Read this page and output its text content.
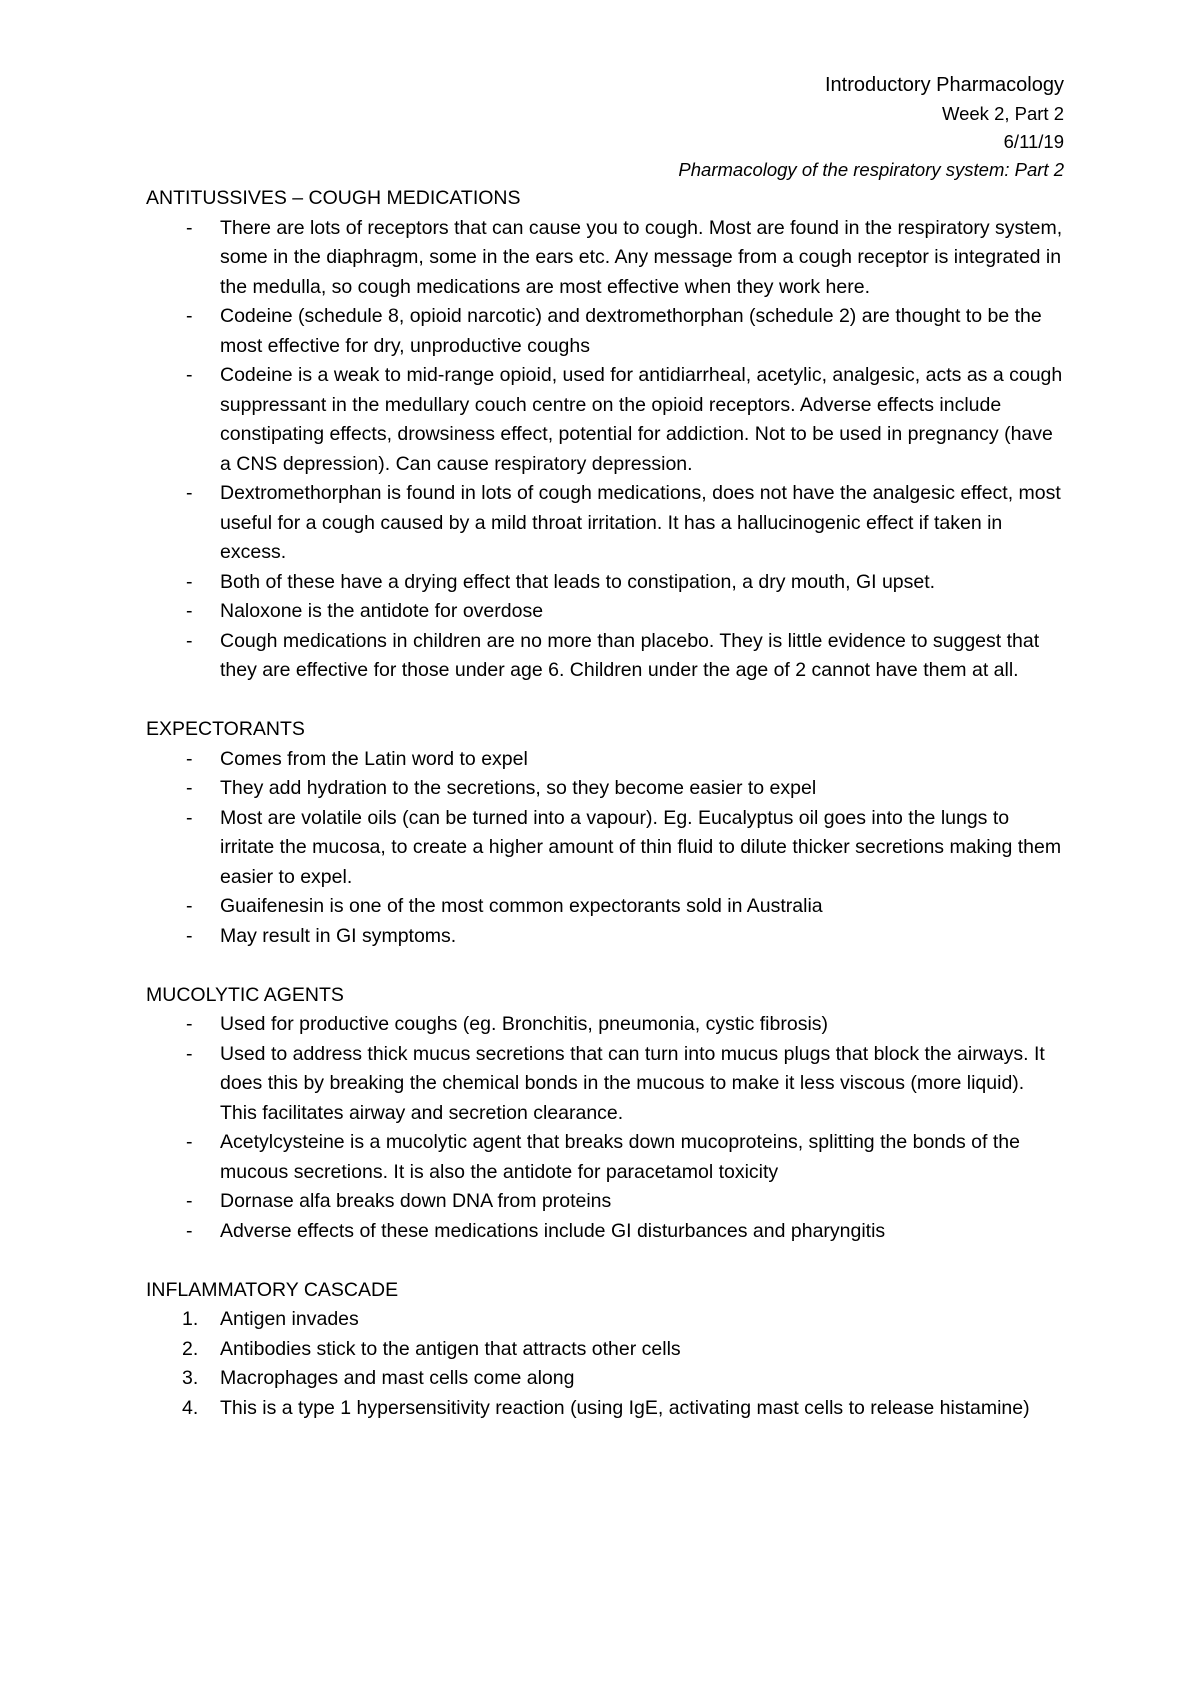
Introductory Pharmacology
Week 2, Part 2
6/11/19
Pharmacology of the respiratory system: Part 2
ANTITUSSIVES – COUGH MEDICATIONS
- There are lots of receptors that can cause you to cough. Most are found in the respiratory system, some in the diaphragm, some in the ears etc. Any message from a cough receptor is integrated in the medulla, so cough medications are most effective when they work here.
- Codeine (schedule 8, opioid narcotic) and dextromethorphan (schedule 2) are thought to be the most effective for dry, unproductive coughs
- Codeine is a weak to mid-range opioid, used for antidiarrheal, acetylic, analgesic, acts as a cough suppressant in the medullary couch centre on the opioid receptors. Adverse effects include constipating effects, drowsiness effect, potential for addiction. Not to be used in pregnancy (have a CNS depression). Can cause respiratory depression.
- Dextromethorphan is found in lots of cough medications, does not have the analgesic effect, most useful for a cough caused by a mild throat irritation. It has a hallucinogenic effect if taken in excess.
- Both of these have a drying effect that leads to constipation, a dry mouth, GI upset.
- Naloxone is the antidote for overdose
- Cough medications in children are no more than placebo. They is little evidence to suggest that they are effective for those under age 6. Children under the age of 2 cannot have them at all.
EXPECTORANTS
- Comes from the Latin word to expel
- They add hydration to the secretions, so they become easier to expel
- Most are volatile oils (can be turned into a vapour). Eg. Eucalyptus oil goes into the lungs to irritate the mucosa, to create a higher amount of thin fluid to dilute thicker secretions making them easier to expel.
- Guaifenesin is one of the most common expectorants sold in Australia
- May result in GI symptoms.
MUCOLYTIC AGENTS
- Used for productive coughs (eg. Bronchitis, pneumonia, cystic fibrosis)
- Used to address thick mucus secretions that can turn into mucus plugs that block the airways. It does this by breaking the chemical bonds in the mucous to make it less viscous (more liquid). This facilitates airway and secretion clearance.
- Acetylcysteine is a mucolytic agent that breaks down mucoproteins, splitting the bonds of the mucous secretions. It is also the antidote for paracetamol toxicity
- Dornase alfa breaks down DNA from proteins
- Adverse effects of these medications include GI disturbances and pharyngitis
INFLAMMATORY CASCADE
1. Antigen invades
2. Antibodies stick to the antigen that attracts other cells
3. Macrophages and mast cells come along
4. This is a type 1 hypersensitivity reaction (using IgE, activating mast cells to release histamine)
